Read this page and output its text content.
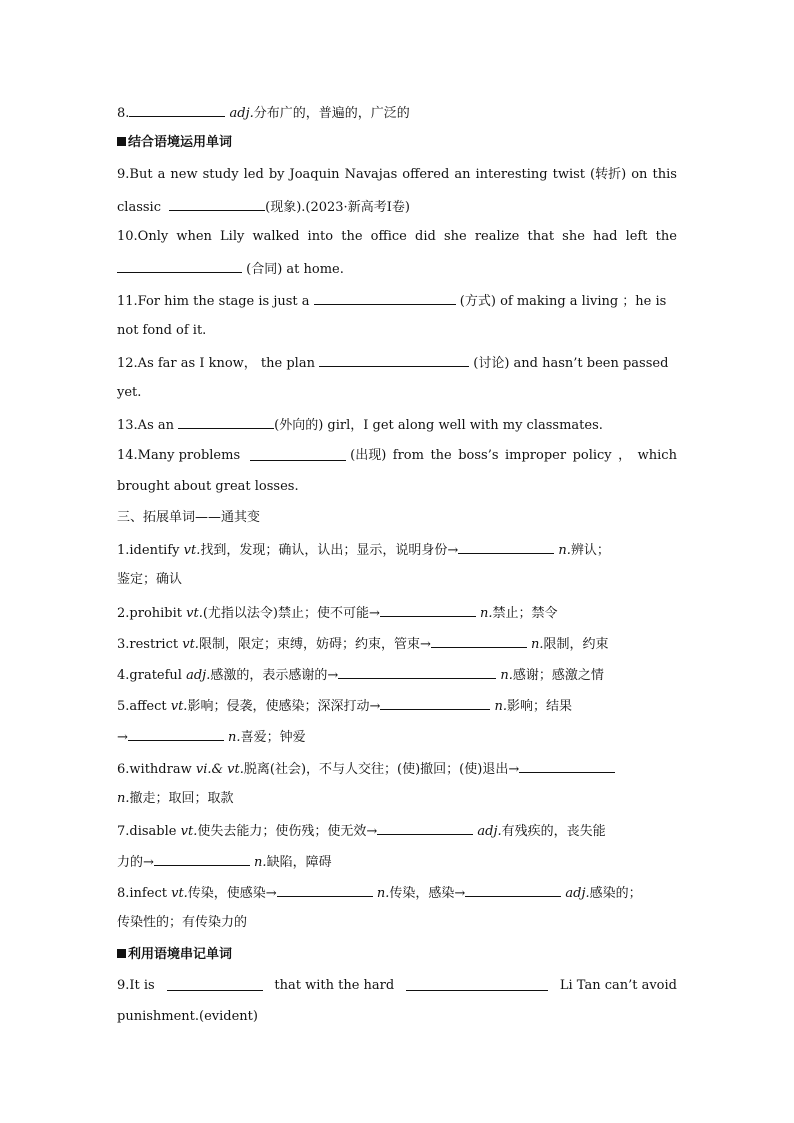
8.	adj.分布广的，普遍的，广泛的
结合语境运用单词
9.But a new study led by Joaquin Navajas offered an interesting twist (转折) on this
classic	(现象).(2023·新高考Ⅰ卷)
10.Only when Lily walked into the office did she realize that she had left the
(合同) at home.
11.For him the stage is just a	(方式) of making a living ；he is
not fond of it.
12.As far as I know， the plan	(讨论) and hasn’t been passed
yet.
13.As an	(外向的) girl，I get along well with my classmates.
14.Many problems	(出现) from the boss’s improper policy ， which
brought about great losses.
三、拓展单词——通其变
1.identify vt.找到，发现；确认，认出；显示，说明身份→	n.辨认；
鉴定；确认
2.prohibit vt.(尤指以法令)禁止；使不可能→	n.禁止；禁令
3.restrict vt.限制，限定；束缚，妨碍；约束，管束→	n.限制，约束
4.grateful adj.感激的，表示感谢的→	n.感谢；感激之情
5.affect vt.影响；侵袭，使感染；深深打动→	n.影响；结果
→	n.喜爱；钟爱
6.withdraw vi.& vt.脱离(社会)，不与人交往；(使)撤回；(使)退出→
n.撤走；取回；取款
7.disable vt.使失去能力；使伤残；使无效→	adj.有残疾的，丧失能
力的→	n.缺陷，障碍
8.infect vt.传染，使感染→	n.传染，感染→	adj.感染的；
传染性的；有传染力的
利用语境串记单词
9.It is	that with the hard	Li Tan can’t avoid
punishment.(evident)
